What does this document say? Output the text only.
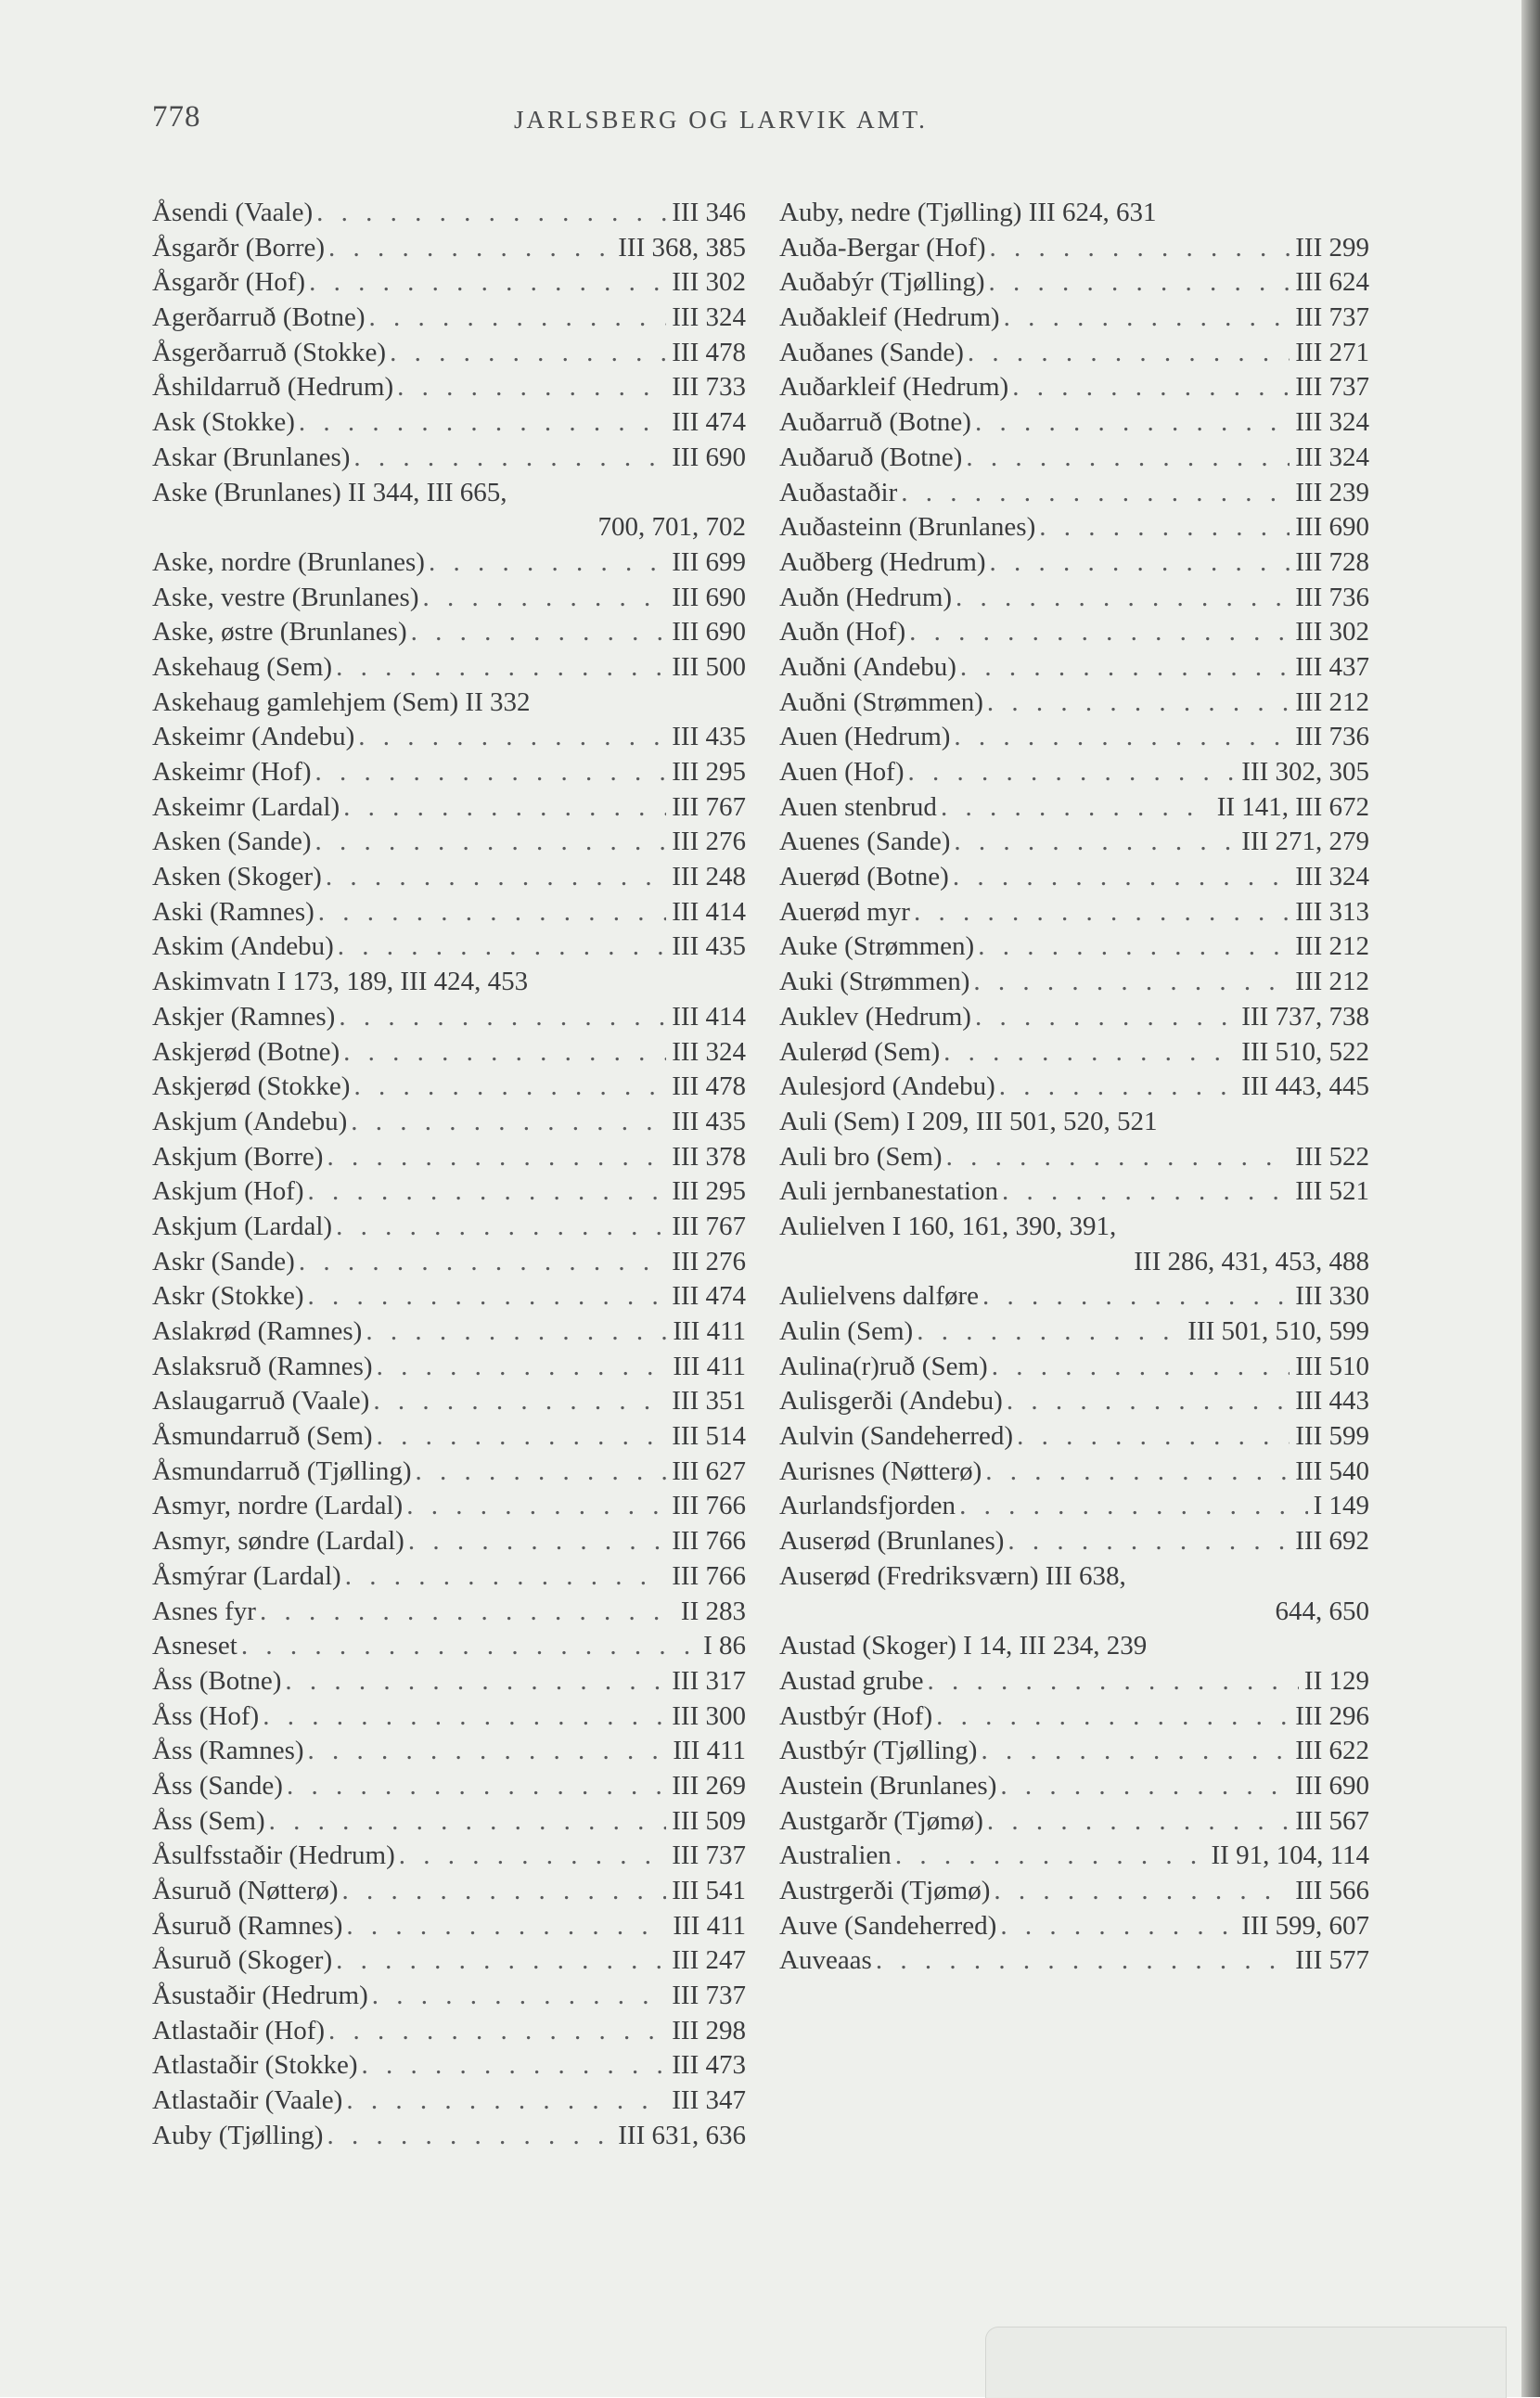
778	JARLSBERG OG LARVIK AMT.
Åsendi (Vaale) . . .	III 346
Åsgarðr (Borre) . . .	III 368, 385
Åsgarðr (Hof) . . .	III 302
Agerðarruð (Botne) . . .	III 324
Åsgerðarruð (Stokke) . . .	III 478
Åshildarruð (Hedrum) . . .	III 733
Ask (Stokke) . . .	III 474
Askar (Brunlanes) . . .	III 690
Aske (Brunlanes) II 344, III 665,
700, 701, 702
Aske, nordre (Brunlanes) . . .	III 699
Aske, vestre (Brunlanes) . . .	III 690
Aske, østre (Brunlanes) . . .	III 690
Askehaug (Sem) . . .	III 500
Askehaug gamlehjem (Sem) II 332
Askeimr (Andebu) . . .	III 435
Askeimr (Hof) . . .	III 295
Askeimr (Lardal) . . .	III 767
Asken (Sande) . . .	III 276
Asken (Skoger) . . .	III 248
Aski (Ramnes) . . .	III 414
Askim (Andebu) . . .	III 435
Askimvatn I 173, 189, III 424, 453
Askjer (Ramnes) . . .	III 414
Askjerød (Botne) . . .	III 324
Askjerød (Stokke) . . .	III 478
Askjum (Andebu) . . .	III 435
Askjum (Borre) . . .	III 378
Askjum (Hof) . . .	III 295
Askjum (Lardal) . . .	III 767
Askr (Sande) . . .	III 276
Askr (Stokke) . . .	III 474
Aslakrød (Ramnes) . . .	III 411
Aslaksruð (Ramnes) . . .	III 411
Aslaugarruð (Vaale) . . .	III 351
Åsmundarruð (Sem) . . .	III 514
Åsmundarruð (Tjølling) . . .	III 627
Asmyr, nordre (Lardal) . . .	III 766
Asmyr, søndre (Lardal) . . .	III 766
Åsmýrar (Lardal) . . .	III 766
Asnes fyr . . .	II 283
Asneset . . .	I 86
Åss (Botne) . . .	III 317
Åss (Hof) . . .	III 300
Åss (Ramnes) . . .	III 411
Åss (Sande) . . .	III 269
Åss (Sem) . . .	III 509
Åsulfsstaðir (Hedrum) . . .	III 737
Åsuruð (Nøtterø) . . .	III 541
Åsuruð (Ramnes) . . .	III 411
Åsuruð (Skoger) . . .	III 247
Åsustaðir (Hedrum) . . .	III 737
Atlastaðir (Hof) . . .	III 298
Atlastaðir (Stokke) . . .	III 473
Atlastaðir (Vaale) . . .	III 347
Auby (Tjølling) . . .	III 631, 636
Auby, nedre (Tjølling) III 624, 631
Auða-Bergar (Hof) . . .	III 299
Auðabýr (Tjølling) . . .	III 624
Auðakleif (Hedrum) . . .	III 737
Auðanes (Sande) . . .	III 271
Auðarkleif (Hedrum) . . .	III 737
Auðarruð (Botne) . . .	III 324
Auðaruð (Botne) . . .	III 324
Auðastaðir . . .	III 239
Auðasteinn (Brunlanes) . . .	III 690
Auðberg (Hedrum) . . .	III 728
Auðn (Hedrum) . . .	III 736
Auðn (Hof) . . .	III 302
Auðni (Andebu) . . .	III 437
Auðni (Strømmen) . . .	III 212
Auen (Hedrum) . . .	III 736
Auen (Hof) . . .	III 302, 305
Auen stenbrud . . .	II 141, III 672
Auenes (Sande) . . .	III 271, 279
Auerød (Botne) . . .	III 324
Auerød myr . . .	III 313
Auke (Strømmen) . . .	III 212
Auki (Strømmen) . . .	III 212
Auklev (Hedrum) . . .	III 737, 738
Aulerød (Sem) . . .	III 510, 522
Aulesjord (Andebu) . . .	III 443, 445
Auli (Sem) I 209, III 501, 520, 521
Auli bro (Sem) . . .	III 522
Auli jernbanestation . . .	III 521
Aulielven I 160, 161, 390, 391,
III 286, 431, 453, 488
Aulielvens dalføre . . .	III 330
Aulin (Sem) . . .	III 501, 510, 599
Aulina(r)ruð (Sem) . . .	III 510
Aulisgerði (Andebu) . . .	III 443
Aulvin (Sandeherred) . . .	III 599
Aurisnes (Nøtterø) . . .	III 540
Aurlandsfjorden . . .	I 149
Auserød (Brunlanes) . . .	III 692
Auserød (Fredriksværn) III 638,
644, 650
Austad (Skoger) I 14, III 234, 239
Austad grube . . .	II 129
Austbýr (Hof) . . .	III 296
Austbýr (Tjølling) . . .	III 622
Austein (Brunlanes) . . .	III 690
Austgarðr (Tjømø) . . .	III 567
Australien . . .	II 91, 104, 114
Austrgerði (Tjømø) . . .	III 566
Auve (Sandeherred) . . .	III 599, 607
Auveaas . . .	III 577
